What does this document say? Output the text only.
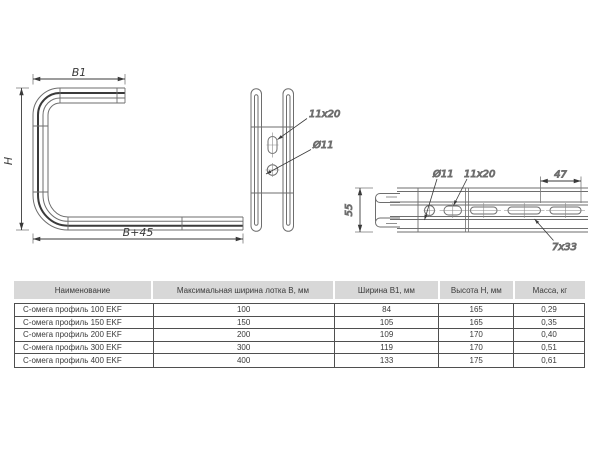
B1
H
B+45
11x20
Ø11
55
47
Ø11 11x20
7x33
Наименование	Максимальная ширина лотка В, мм	Ширина B1, мм	Высота Н, мм	Масса, кг
С-омега профиль 100 EKF	100	84	165	0,29
С-омега профиль 150 EKF	150	105	165	0,35
С-омега профиль 200 EKF	200	109	170	0,40
С-омега профиль 300 EKF	300	119	170	0,51
С-омега профиль 400 EKF	400	133	175	0,61
